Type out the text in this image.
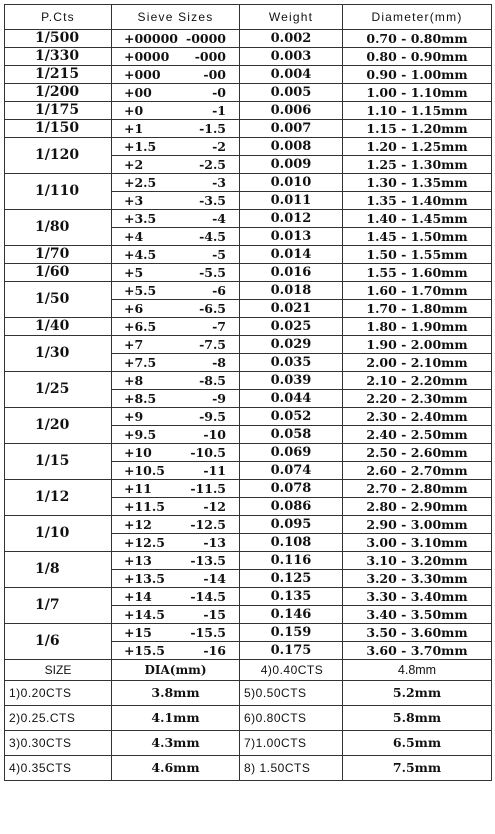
P.Cts	Sieve Sizes	Weight	Diameter(mm)
1/500	+00000 -0000	0.002	0.70 - 0.80mm
1/330	+0000 -000	0.003	0.80 - 0.90mm
1/215	+000 -00	0.004	0.90 - 1.00mm
1/200	+00 -0	0.005	1.00 - 1.10mm
1/175	+0 -1	0.006	1.10 - 1.15mm
1/150	+1 -1.5	0.007	1.15 - 1.20mm
1/120	+1.5 -2	0.008	1.20 - 1.25mm
	+2 -2.5	0.009	1.25 - 1.30mm
1/110	+2.5 -3	0.010	1.30 - 1.35mm
	+3 -3.5	0.011	1.35 - 1.40mm
1/80	+3.5 -4	0.012	1.40 - 1.45mm
	+4 -4.5	0.013	1.45 - 1.50mm
1/70	+4.5 -5	0.014	1.50 - 1.55mm
1/60	+5 -5.5	0.016	1.55 - 1.60mm
1/50	+5.5 -6	0.018	1.60 - 1.70mm
	+6 -6.5	0.021	1.70 - 1.80mm
1/40	+6.5 -7	0.025	1.80 - 1.90mm
1/30	+7 -7.5	0.029	1.90 - 2.00mm
	+7.5 -8	0.035	2.00 - 2.10mm
1/25	+8 -8.5	0.039	2.10 - 2.20mm
	+8.5 -9	0.044	2.20 - 2.30mm
1/20	+9 -9.5	0.052	2.30 - 2.40mm
	+9.5 -10	0.058	2.40 - 2.50mm
1/15	+10 -10.5	0.069	2.50 - 2.60mm
	+10.5 -11	0.074	2.60 - 2.70mm
1/12	+11 -11.5	0.078	2.70 - 2.80mm
	+11.5 -12	0.086	2.80 - 2.90mm
1/10	+12 -12.5	0.095	2.90 - 3.00mm
	+12.5 -13	0.108	3.00 - 3.10mm
1/8	+13 -13.5	0.116	3.10 - 3.20mm
	+13.5 -14	0.125	3.20 - 3.30mm
1/7	+14 -14.5	0.135	3.30 - 3.40mm
	+14.5 -15	0.146	3.40 - 3.50mm
1/6	+15 -15.5	0.159	3.50 - 3.60mm
	+15.5 -16	0.175	3.60 - 3.70mm
SIZE	DIA(mm)	4)0.40CTS	4.8mm
1)0.20CTS	3.8mm	5)0.50CTS	5.2mm
2)0.25.CTS	4.1mm	6)0.80CTS	5.8mm
3)0.30CTS	4.3mm	7)1.00CTS	6.5mm
4)0.35CTS	4.6mm	8) 1.50CTS	7.5mm
